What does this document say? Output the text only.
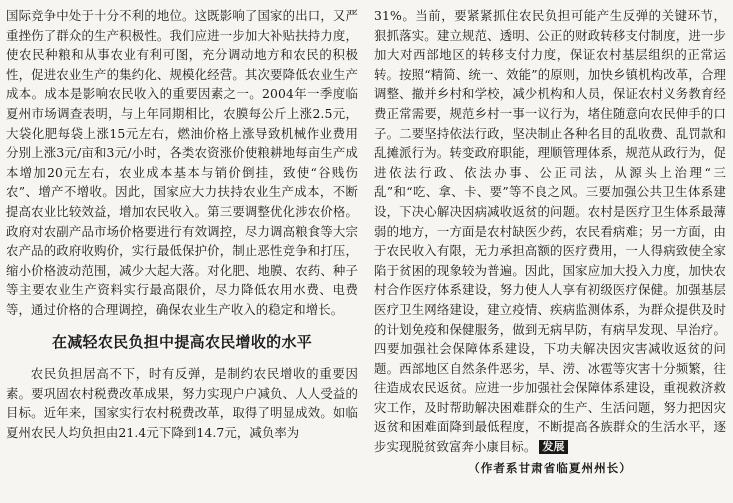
国际竞争中处于十分不利的地位。这既影响了国家的出口，又严重挫伤了群众的生产积极性。我们应进一步加大补贴扶持力度，使农民种粮和从事农业有利可图，充分调动地方和农民的积极性，促进农业生产的集约化、规模化经营。其次要降低农业生产成本。成本是影响农民收入的重要因素之一。2004年一季度临夏州市场调查表明，与上年同期相比，农膜每公斤上涨2.5元，大袋化肥每袋上涨15元左右，燃油价格上涨导致机械作业费用分别上涨3元/亩和3元/小时，各类农资涨价使粮耕地每亩生产成本增加20元左右，农业成本基本与销价倒挂，致使“谷贱伤农”、增产不增收。因此，国家应大力扶持农业生产成本，不断提高农业比较效益，增加农民收入。第三要调整优化涉农价格。政府对农副产品市场价格要进行有效调控，尽力调高粮食等大宗农产品的政府收购价，实行最低保护价，制止恶性竞争和打压，缩小价格波动范围，减少大起大落。对化肥、地膜、农药、种子等主要农业生产资料实行最高限价，尽力降低农用水费、电费等，通过价格的合理调控，确保农业生产收入的稳定和增长。

在减轻农民负担中提高农民增收的水平

农民负担居高不下，时有反弹，是制约农民增收的重要因素。要巩固农村税费改革成果，努力实现户户减负、人人受益的目标。近年来，国家实行农村税费改革，取得了明显成效。如临夏州农民人均负担由21.4元下降到14.7元，减负率为

31%。当前，要紧紧抓住农民负担可能产生反弹的关键环节，狠抓落实。建立规范、透明、公正的财政转移支付制度，进一步加大对西部地区的转移支付力度，保证农村基层组织的正常运转。按照“精简、统一、效能”的原则，加快乡镇机构改革，合理调整、撤并乡村和学校，减少机构和人员，保证农村义务教育经费正常需要，规范乡村一事一议行为，堵住随意向农民伸手的口子。二要坚持依法行政，坚决制止各种名目的乱收费、乱罚款和乱摊派行为。转变政府职能，理顺管理体系，规范从政行为，促进依法行政、依法办事、公正司法，从源头上治理“三乱”和“吃、拿、卡、要”等不良之风。三要加强公共卫生体系建设，下决心解决因病减收返贫的问题。农村是医疗卫生体系最薄弱的地方，一方面是农村缺医少药，农民看病难；另一方面，由于农民收入有限，无力承担高额的医疗费用，一人得病致使全家陷于贫困的现象较为普遍。因此，国家应加大投入力度，加快农村合作医疗体系建设，努力使人人享有初级医疗保健。加强基层医疗卫生网络建设，建立疫情、疾病监测体系，为群众提供及时的计划免疫和保健服务，做到无病早防，有病早发现、早治疗。四要加强社会保障体系建设，下功夫解决因灾害减收返贫的问题。西部地区自然条件恶劣，旱、涝、冰雹等灾害十分频繁，往往造成农民返贫。应进一步加强社会保障体系建设，重视救济救灾工作，及时帮助解决困难群众的生产、生活问题，努力把因灾返贫和困难面降到最低程度，不断提高各族群众的生活水平，逐步实现脱贫致富奔小康目标。 发展

（作者系甘肃省临夏州州长）
